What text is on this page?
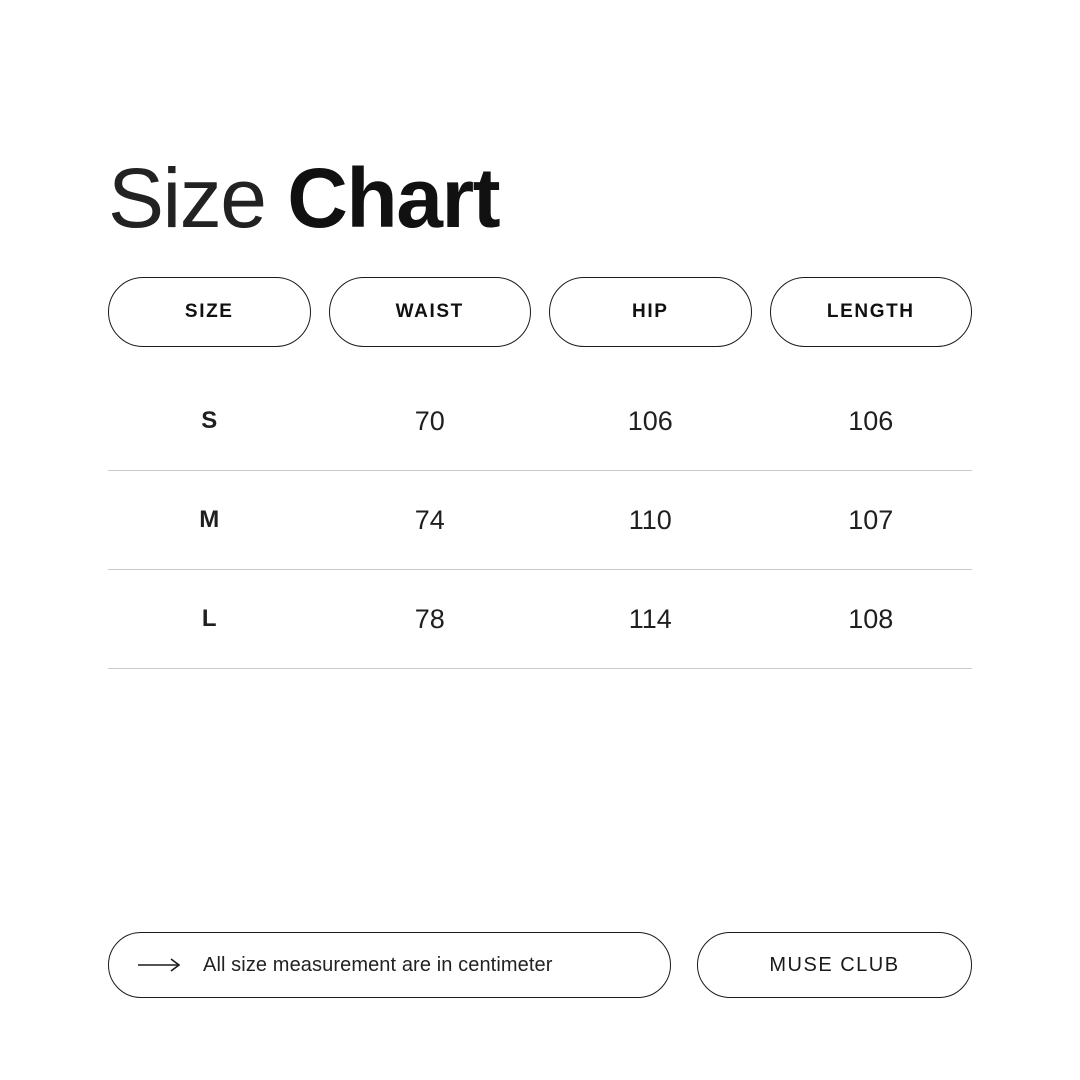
Size Chart
SIZE	WAIST	HIP	LENGTH
S	70	106	106
M	74	110	107
L	78	114	108
All size measurement are in centimeter	MUSE CLUB
